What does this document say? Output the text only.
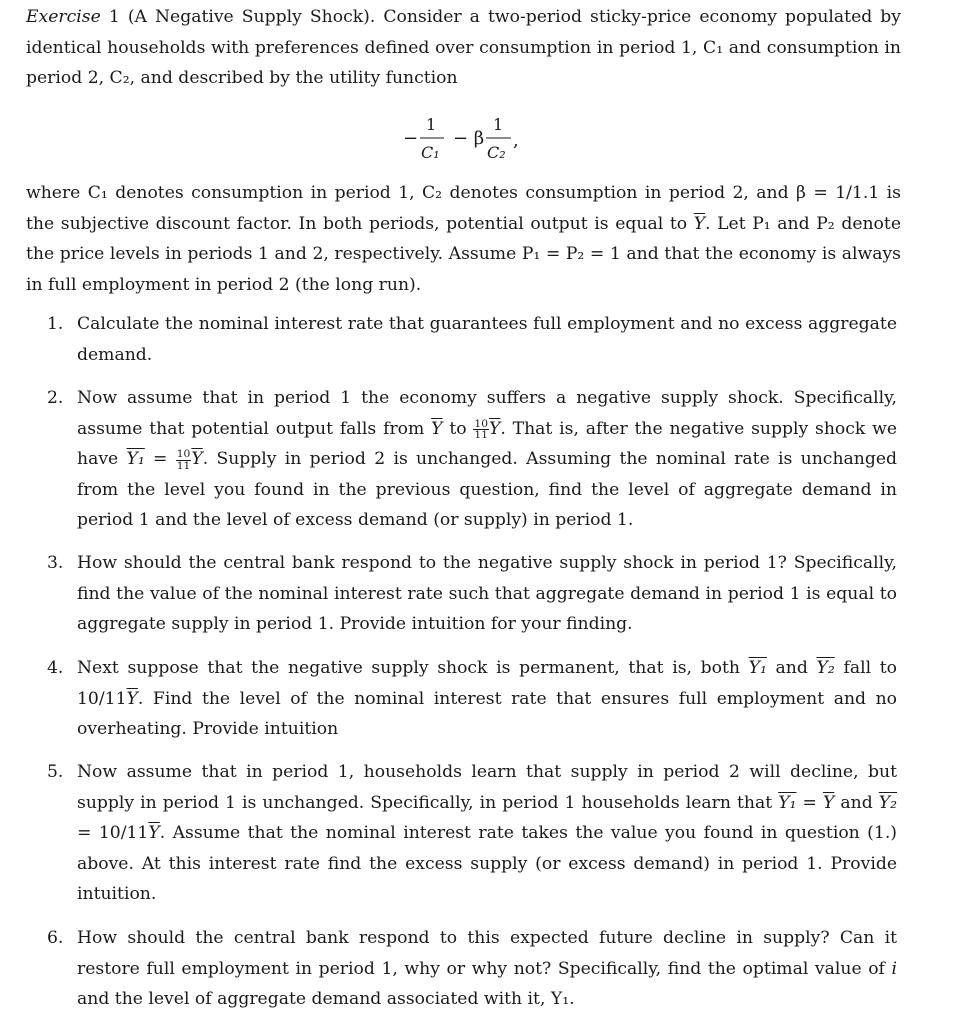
Exercise 1 (A Negative Supply Shock). Consider a two-period sticky-price economy populated by identical households with preferences defined over consumption in period 1, C₁ and consumption in period 2, C₂, and described by the utility function

−
1
C₁
− β
1
C₂
,

where C₁ denotes consumption in period 1, C₂ denotes consumption in period 2, and β = 1/1.1 is the subjective discount factor. In both periods, potential output is equal to $\overline{Y}$. Let P₁ and P₂ denote the price levels in periods 1 and 2, respectively. Assume P₁ = P₂ = 1 and that the economy is always in full employment in period 2 (the long run).

1. Calculate the nominal interest rate that guarantees full employment and no excess aggregate demand.
2. Now assume that in period 1 the economy suffers a negative supply shock. Specifically, assume that potential output falls from $\overline{Y}$ to $\frac{10}{11} \overline{Y}$. That is, after the negative supply shock we have $Y_1 = \frac{10}{11} \overline{Y}$. Supply in period 2 is unchanged. Assuming the nominal rate is unchanged from the level you found in the previous question, find the level of aggregate demand in period 1 and the level of excess demand (or supply) in period 1.
3. How should the central bank respond to the negative supply shock in period 1? Specifically, find the value of the nominal interest rate such that aggregate demand in period 1 is equal to aggregate supply in period 1. Provide intuition for your finding.
4. Next suppose that the negative supply shock is permanent, that is, both Y₁ and Y₂ fall to $10/11\overline{Y}$. Find the level of the nominal interest rate that ensures full employment and no overheating. Provide intuition
5. Now assume that in period 1, households learn that supply in period 2 will decline, but supply in period 1 is unchanged. Specifically, in period 1 households learn that $Y_1 = \overline{Y}$ and $Y_2 = 10/11\overline{Y}$. Assume that the nominal interest rate takes the value you found in question (1.) above. At this interest rate find the excess supply (or excess demand) in period 1. Provide intuition.
6. How should the central bank respond to this expected future decline in supply? Can it restore full employment in period 1, why or why not? Specifically, find the optimal value of i and the level of aggregate demand associated with it, Y₁.
